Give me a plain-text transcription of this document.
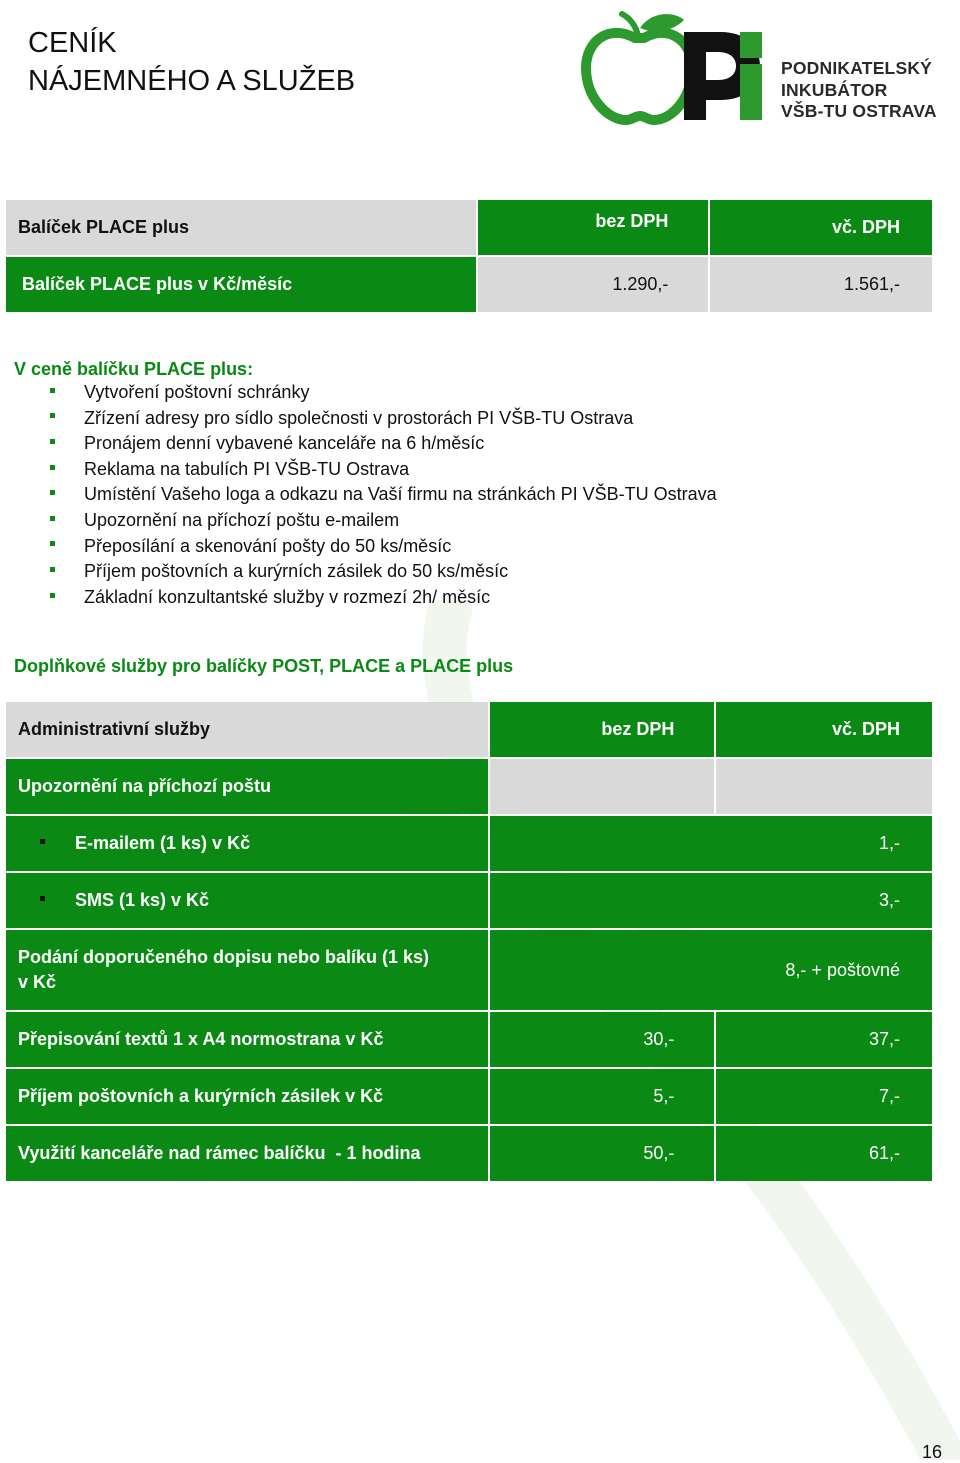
CENÍK
NÁJEMNÉHO A SLUŽEB	PODNIKATELSKÝ
INKUBÁTOR
VŠB-TU OSTRAVA
Balíček PLACE plus	bez DPH	vč. DPH
Balíček PLACE plus v Kč/měsíc	1.290,-	1.561,-
V ceně balíčku PLACE plus:
Vytvoření poštovní schránky
Zřízení adresy pro sídlo společnosti v prostorách PI VŠB-TU Ostrava
Pronájem denní vybavené kanceláře na 6 h/měsíc
Reklama na tabulích PI VŠB-TU Ostrava
Umístění Vašeho loga a odkazu na Vaší firmu na stránkách PI VŠB-TU Ostrava
Upozornění na příchozí poštu e-mailem
Přeposílání a skenování pošty do 50 ks/měsíc
Příjem poštovních a kurýrních zásilek do 50 ks/měsíc
Základní konzultantské služby v rozmezí 2h/ měsíc
Doplňkové služby pro balíčky POST, PLACE a PLACE plus
Administrativní služby	bez DPH	vč. DPH
Upozornění na příchozí poštu		
E-mailem (1 ks) v Kč	1,-	
SMS (1 ks) v Kč	3,-	

Podání doporučeného dopisu nebo balíku (1 ks)
v Kč	8,- + poštovné	
Přepisování textů 1 x A4 normostrana v Kč	30,-	37,-
Příjem poštovních a kurýrních zásilek v Kč	5,-	7,-
Využití kanceláře nad rámec balíčku  - 1 hodina	50,-	61,-
16
